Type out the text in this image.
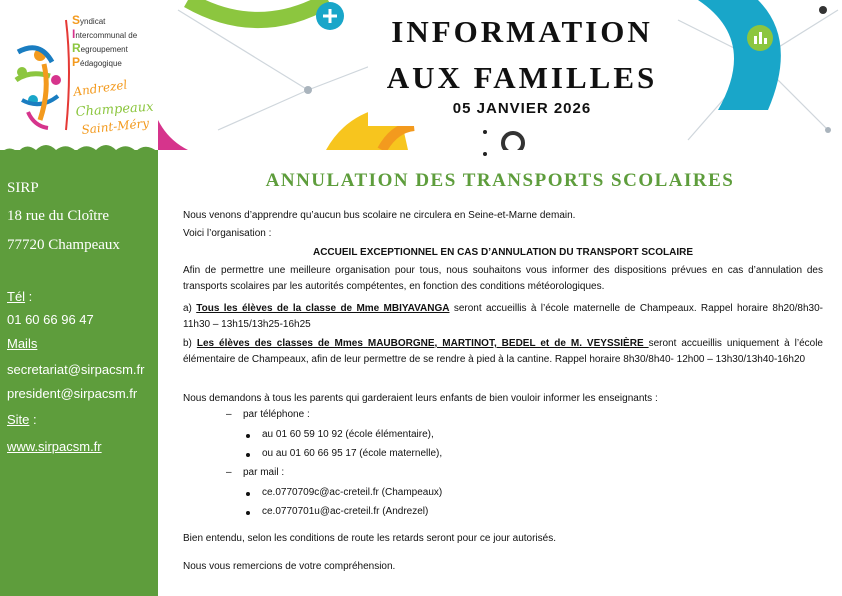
Andrezel
Champeaux
Saint-Méry
Syndicat
Intercommunal de
Regroupement
Pédagogique
SIRP
18 rue du Cloître
77720 Champeaux
Tél :
01 60 66 96 47
Mails
secretariat@sirpacsm.fr
president@sirpacsm.fr
Site :
www.sirpacsm.fr
INFORMATION
AUX FAMILLES
05 JANVIER 2026
ANNULATION DES TRANSPORTS SCOLAIRES

Nous venons d’apprendre qu’aucun bus scolaire ne circulera en Seine-et-Marne demain.

Voici l’organisation :

ACCUEIL EXCEPTIONNEL EN CAS D’ANNULATION DU TRANSPORT SCOLAIRE

Afin de permettre une meilleure organisation pour tous, nous souhaitons vous informer des dispositions prévues en cas d’annulation des transports scolaires par les autorités compétentes, en fonction des conditions météorologiques.

a) Tous les élèves de la classe de Mme MBIYAVANGA seront accueillis à l’école maternelle de Champeaux. Rappel horaire 8h20/8h30- 11h30 – 13h15/13h25-16h25

b) Les élèves des classes de Mmes MAUBORGNE, MARTINOT, BEDEL et de M. VEYSSIÈRE seront accueillis uniquement à l’école élémentaire de Champeaux, afin de leur permettre de se rendre à pied à la cantine. Rappel horaire 8h30/8h40- 12h00 – 13h30/13h40-16h20

Nous demandons à tous les parents qui garderaient leurs enfants de bien vouloir informer les enseignants :

– par téléphone :
au 01 60 59 10 92 (école élémentaire),
ou au 01 60 66 95 17 (école maternelle),
– par mail :
ce.0770709c@ac-creteil.fr (Champeaux)
ce.0770701u@ac-creteil.fr (Andrezel)

Bien entendu, selon les conditions de route les retards seront pour ce jour autorisés.

Nous vous remercions de votre compréhension.
